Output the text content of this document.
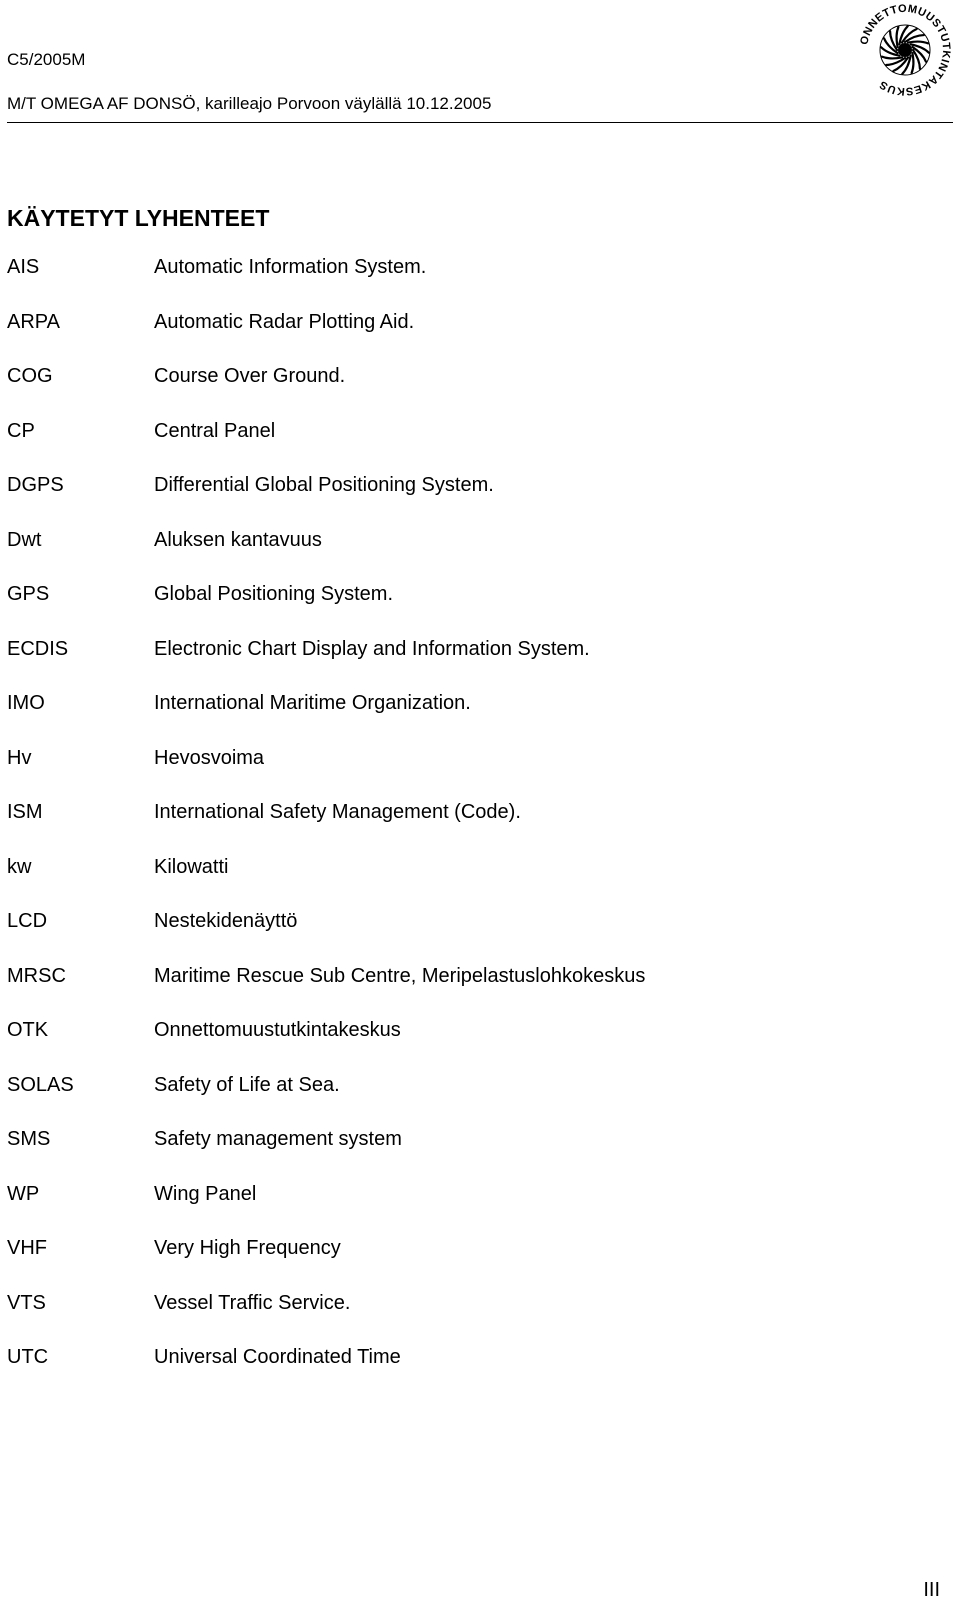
C5/2005M
M/T OMEGA AF DONSÖ, karilleajo Porvoon väylällä 10.12.2005
ONNETTOMUUSTUTKINTAKESKUS
KÄYTETYT LYHENTEET
AIS	Automatic Information System.
ARPA	Automatic Radar Plotting Aid.
COG	Course Over Ground.
CP	Central Panel
DGPS	Differential Global Positioning System.
Dwt	Aluksen kantavuus
GPS	Global Positioning System.
ECDIS	Electronic Chart Display and Information System.
IMO	International Maritime Organization.
Hv	Hevosvoima
ISM	International Safety Management (Code).
kw	Kilowatti
LCD	Nestekidenäyttö
MRSC	Maritime Rescue Sub Centre, Meripelastuslohkokeskus
OTK	Onnettomuustutkintakeskus
SOLAS	Safety of Life at Sea.
SMS	Safety management system
WP	Wing Panel
VHF	Very High Frequency
VTS	Vessel Traffic Service.
UTC	Universal Coordinated Time
III
